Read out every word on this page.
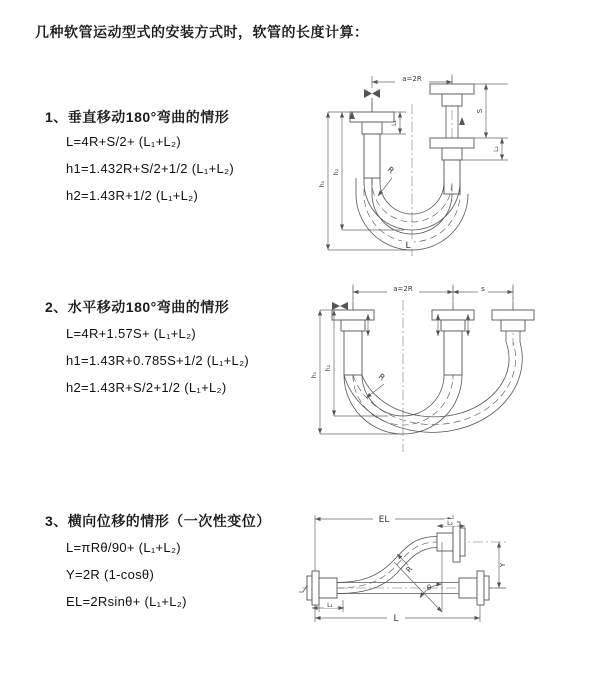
几种软管运动型式的安装方式时，软管的长度计算：
1、垂直移动180°弯曲的情形
L=4R+S/2+ (L₁+L₂)
h1=1.432R+S/2+1/2 (L₁+L₂)
h2=1.43R+1/2 (L₁+L₂)
2、水平移动180°弯曲的情形
L=4R+1.57S+ (L₁+L₂)
h1=1.43R+0.785S+1/2 (L₁+L₂)
h2=1.43R+S/2+1/2 (L₁+L₂)
3、横向位移的情形（一次性变位）
L=πRθ/90+ (L₁+L₂)
Y=2R (1-cosθ)
EL=2Rsinθ+ (L₁+L₂)
a=2R
R
L
h₁
h₂
L₁
S
L₂
a=2R	s
R
h₁
h₂
EL	L₂
Y
θ
R
L₁
L
